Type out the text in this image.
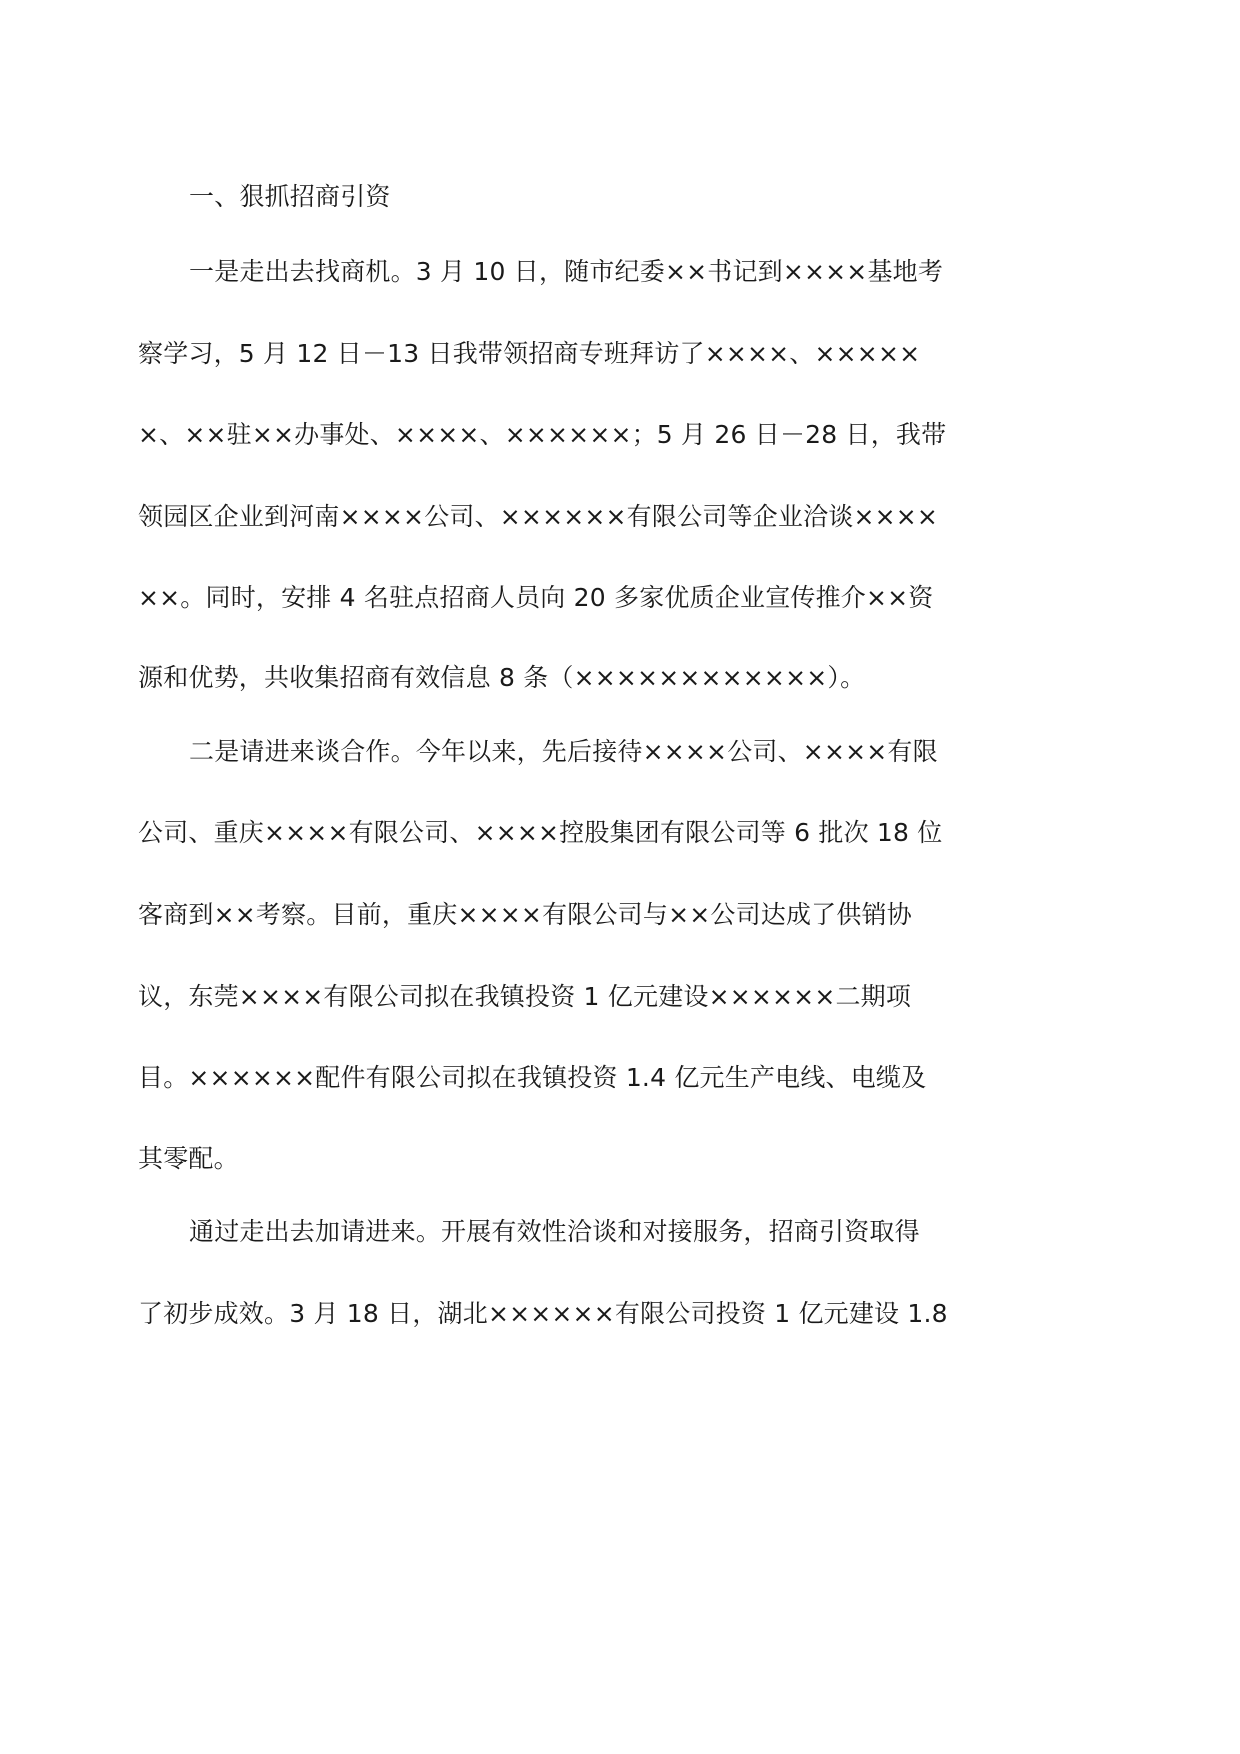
一、狠抓招商引资
一是走出去找商机。3 月 10 日，随市纪委××书记到××××基地考
察学习，5 月 12 日－13 日我带领招商专班拜访了××××、×××××
×、××驻××办事处、××××、××××××；5 月 26 日－28 日，我带
领园区企业到河南××××公司、××××××有限公司等企业洽谈××××
××。同时，安排 4 名驻点招商人员向 20 多家优质企业宣传推介××资
源和优势，共收集招商有效信息 8 条（××××××××××××）。
二是请进来谈合作。今年以来，先后接待××××公司、××××有限
公司、重庆××××有限公司、××××控股集团有限公司等 6 批次 18 位
客商到××考察。目前，重庆××××有限公司与××公司达成了供销协
议，东莞××××有限公司拟在我镇投资 1 亿元建设××××××二期项
目。××××××配件有限公司拟在我镇投资 1.4 亿元生产电线、电缆及
其零配。
通过走出去加请进来。开展有效性洽谈和对接服务，招商引资取得
了初步成效。3 月 18 日，湖北××××××有限公司投资 1 亿元建设 1.8
